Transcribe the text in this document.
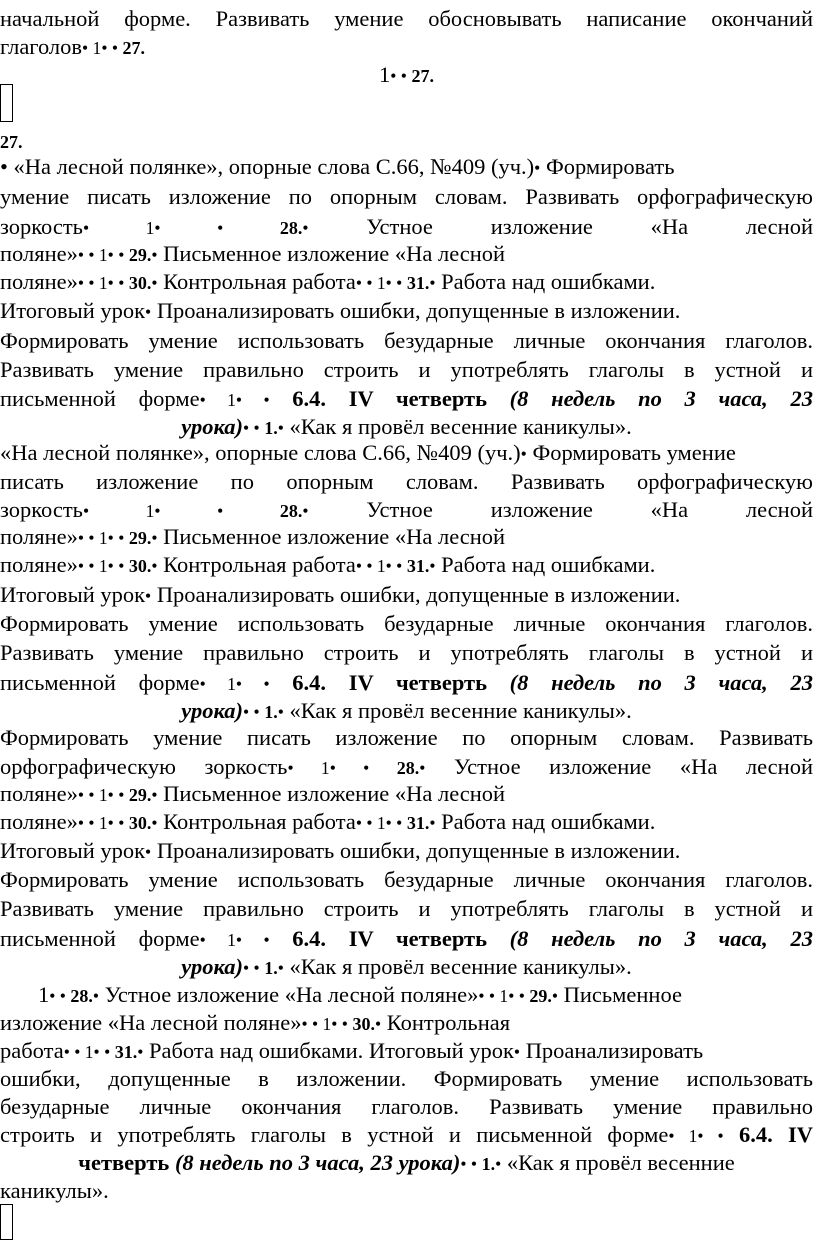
начальной форме. Развивать умение обосновывать написание окончаний
глаголов• 1• • 27.
1• • 27.
27.
• «На лесной полянке», опорные слова С.66, №409 (уч.)• Формировать
умение писать изложение по опорным словам. Развивать орфографическую
зоркость• 1• • 28.• Устное изложение «На лесной
поляне»• • 1• • 29.• Письменное изложение «На лесной
поляне»• • 1• • 30.• Контрольная работа• • 1• • 31.• Работа над ошибками.
Итоговый урок• Проанализировать ошибки, допущенные в изложении.
Формировать умение использовать безударные личные окончания глаголов.
Развивать умение правильно строить и употреблять глаголы в устной и
письменной форме• 1• • 6.4. IV четверть (8 недель по 3 часа, 23
урока)• • 1.• «Как я провёл весенние каникулы».
«На лесной полянке», опорные слова С.66, №409 (уч.)• Формировать умение
писать изложение по опорным словам. Развивать орфографическую
зоркость• 1• • 28.• Устное изложение «На лесной
поляне»• • 1• • 29.• Письменное изложение «На лесной
поляне»• • 1• • 30.• Контрольная работа• • 1• • 31.• Работа над ошибками.
Итоговый урок• Проанализировать ошибки, допущенные в изложении.
Формировать умение использовать безударные личные окончания глаголов.
Развивать умение правильно строить и употреблять глаголы в устной и
письменной форме• 1• • 6.4. IV четверть (8 недель по 3 часа, 23
урока)• • 1.• «Как я провёл весенние каникулы».
Формировать умение писать изложение по опорным словам. Развивать
орфографическую зоркость• 1• • 28.• Устное изложение «На лесной
поляне»• • 1• • 29.• Письменное изложение «На лесной
поляне»• • 1• • 30.• Контрольная работа• • 1• • 31.• Работа над ошибками.
Итоговый урок• Проанализировать ошибки, допущенные в изложении.
Формировать умение использовать безударные личные окончания глаголов.
Развивать умение правильно строить и употреблять глаголы в устной и
письменной форме• 1• • 6.4. IV четверть (8 недель по 3 часа, 23
урока)• • 1.• «Как я провёл весенние каникулы».
1• • 28.• Устное изложение «На лесной поляне»• • 1• • 29.• Письменное
изложение «На лесной поляне»• • 1• • 30.• Контрольная
работа• • 1• • 31.• Работа над ошибками. Итоговый урок• Проанализировать
ошибки, допущенные в изложении. Формировать умение использовать
безударные личные окончания глаголов. Развивать умение правильно
строить и употреблять глаголы в устной и письменной форме• 1• • 6.4. IV
четверть (8 недель по 3 часа, 23 урока)• • 1.• «Как я провёл весенние
каникулы».
